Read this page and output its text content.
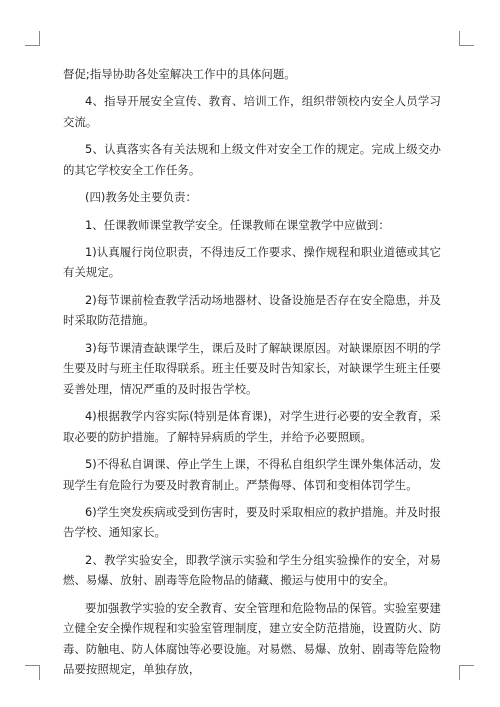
督促;指导协助各处室解决工作中的具体问题。

4、指导开展安全宣传、教育、培训工作，组织带领校内安全人员学习交流。

5、认真落实各有关法规和上级文件对安全工作的规定。完成上级交办的其它学校安全工作任务。

(四)教务处主要负责：

1、任课教师课堂教学安全。任课教师在课堂教学中应做到：

1)认真履行岗位职责，不得违反工作要求、操作规程和职业道德或其它有关规定。

2)每节课前检查教学活动场地器材、设备设施是否存在安全隐患，并及时采取防范措施。

3)每节课清查缺课学生，课后及时了解缺课原因。对缺课原因不明的学生要及时与班主任取得联系。班主任要及时告知家长，对缺课学生班主任要妥善处理，情况严重的及时报告学校。

4)根据教学内容实际(特别是体育课)，对学生进行必要的安全教育，采取必要的防护措施。了解特异病质的学生，并给予必要照顾。

5)不得私自调课、停止学生上课，不得私自组织学生课外集体活动，发现学生有危险行为要及时教育制止。严禁侮辱、体罚和变相体罚学生。

6)学生突发疾病或受到伤害时，要及时采取相应的救护措施。并及时报告学校、通知家长。

2、教学实验安全，即教学演示实验和学生分组实验操作的安全，对易燃、易爆、放射、剧毒等危险物品的储藏、搬运与使用中的安全。

要加强教学实验的安全教育、安全管理和危险物品的保管。实验室要建立健全安全操作规程和实验室管理制度，建立安全防范措施，设置防火、防毒、防触电、防人体腐蚀等必要设施。对易燃、易爆、放射、剧毒等危险物品要按照规定，单独存放，
